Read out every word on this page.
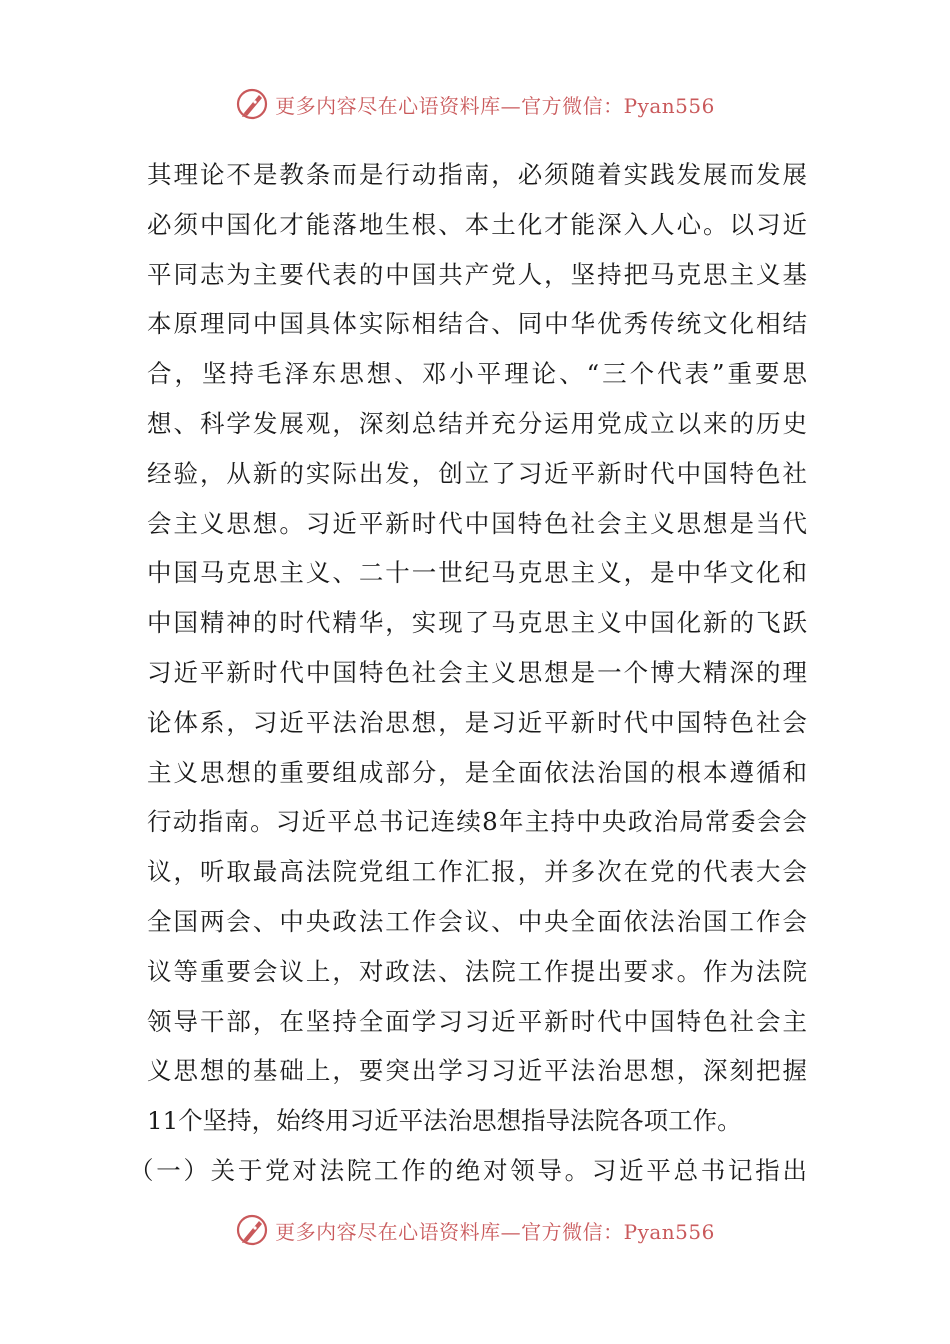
更多内容尽在心语资料库—官方微信：Pyan556
其理论不是教条而是行动指南，必须随着实践发展而发展
必须中国化才能落地生根、本土化才能深入人心。以习近
平同志为主要代表的中国共产党人，坚持把马克思主义基
本原理同中国具体实际相结合、同中华优秀传统文化相结
合，坚持毛泽东思想、邓小平理论、“三个代表”重要思
想、科学发展观，深刻总结并充分运用党成立以来的历史
经验，从新的实际出发，创立了习近平新时代中国特色社
会主义思想。习近平新时代中国特色社会主义思想是当代
中国马克思主义、二十一世纪马克思主义，是中华文化和
中国精神的时代精华，实现了马克思主义中国化新的飞跃
习近平新时代中国特色社会主义思想是一个博大精深的理
论体系，习近平法治思想，是习近平新时代中国特色社会
主义思想的重要组成部分，是全面依法治国的根本遵循和
行动指南。习近平总书记连续8年主持中央政治局常委会会
议，听取最高法院党组工作汇报，并多次在党的代表大会
全国两会、中央政法工作会议、中央全面依法治国工作会
议等重要会议上，对政法、法院工作提出要求。作为法院
领导干部，在坚持全面学习习近平新时代中国特色社会主
义思想的基础上，要突出学习习近平法治思想，深刻把握
11个坚持，始终用习近平法治思想指导法院各项工作。
（一）关于党对法院工作的绝对领导。习近平总书记指出
更多内容尽在心语资料库—官方微信：Pyan556
